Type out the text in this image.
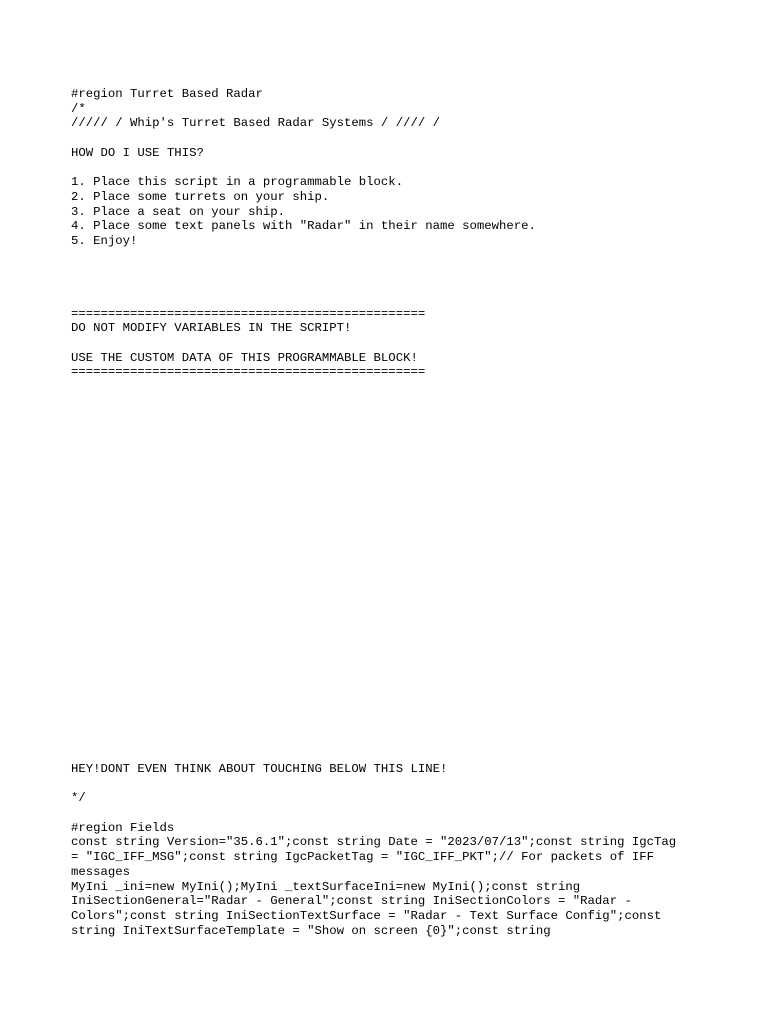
#region Turret Based Radar
/*
///// / Whip's Turret Based Radar Systems / //// /
HOW DO I USE THIS?
1. Place this script in a programmable block.
2. Place some turrets on your ship.
3. Place a seat on your ship.
4. Place some text panels with "Radar" in their name somewhere.
5. Enjoy!
================================================
DO NOT MODIFY VARIABLES IN THE SCRIPT!
USE THE CUSTOM DATA OF THIS PROGRAMMABLE BLOCK!
================================================
HEY!DONT EVEN THINK ABOUT TOUCHING BELOW THIS LINE!
*/
#region Fields
const string Version="35.6.1";const string Date = "2023/07/13";const string IgcTag
= "IGC_IFF_MSG";const string IgcPacketTag = "IGC_IFF_PKT";// For packets of IFF
messages
MyIni _ini=new MyIni();MyIni _textSurfaceIni=new MyIni();const string
IniSectionGeneral="Radar - General";const string IniSectionColors = "Radar -
Colors";const string IniSectionTextSurface = "Radar - Text Surface Config";const
string IniTextSurfaceTemplate = "Show on screen {0}";const string
